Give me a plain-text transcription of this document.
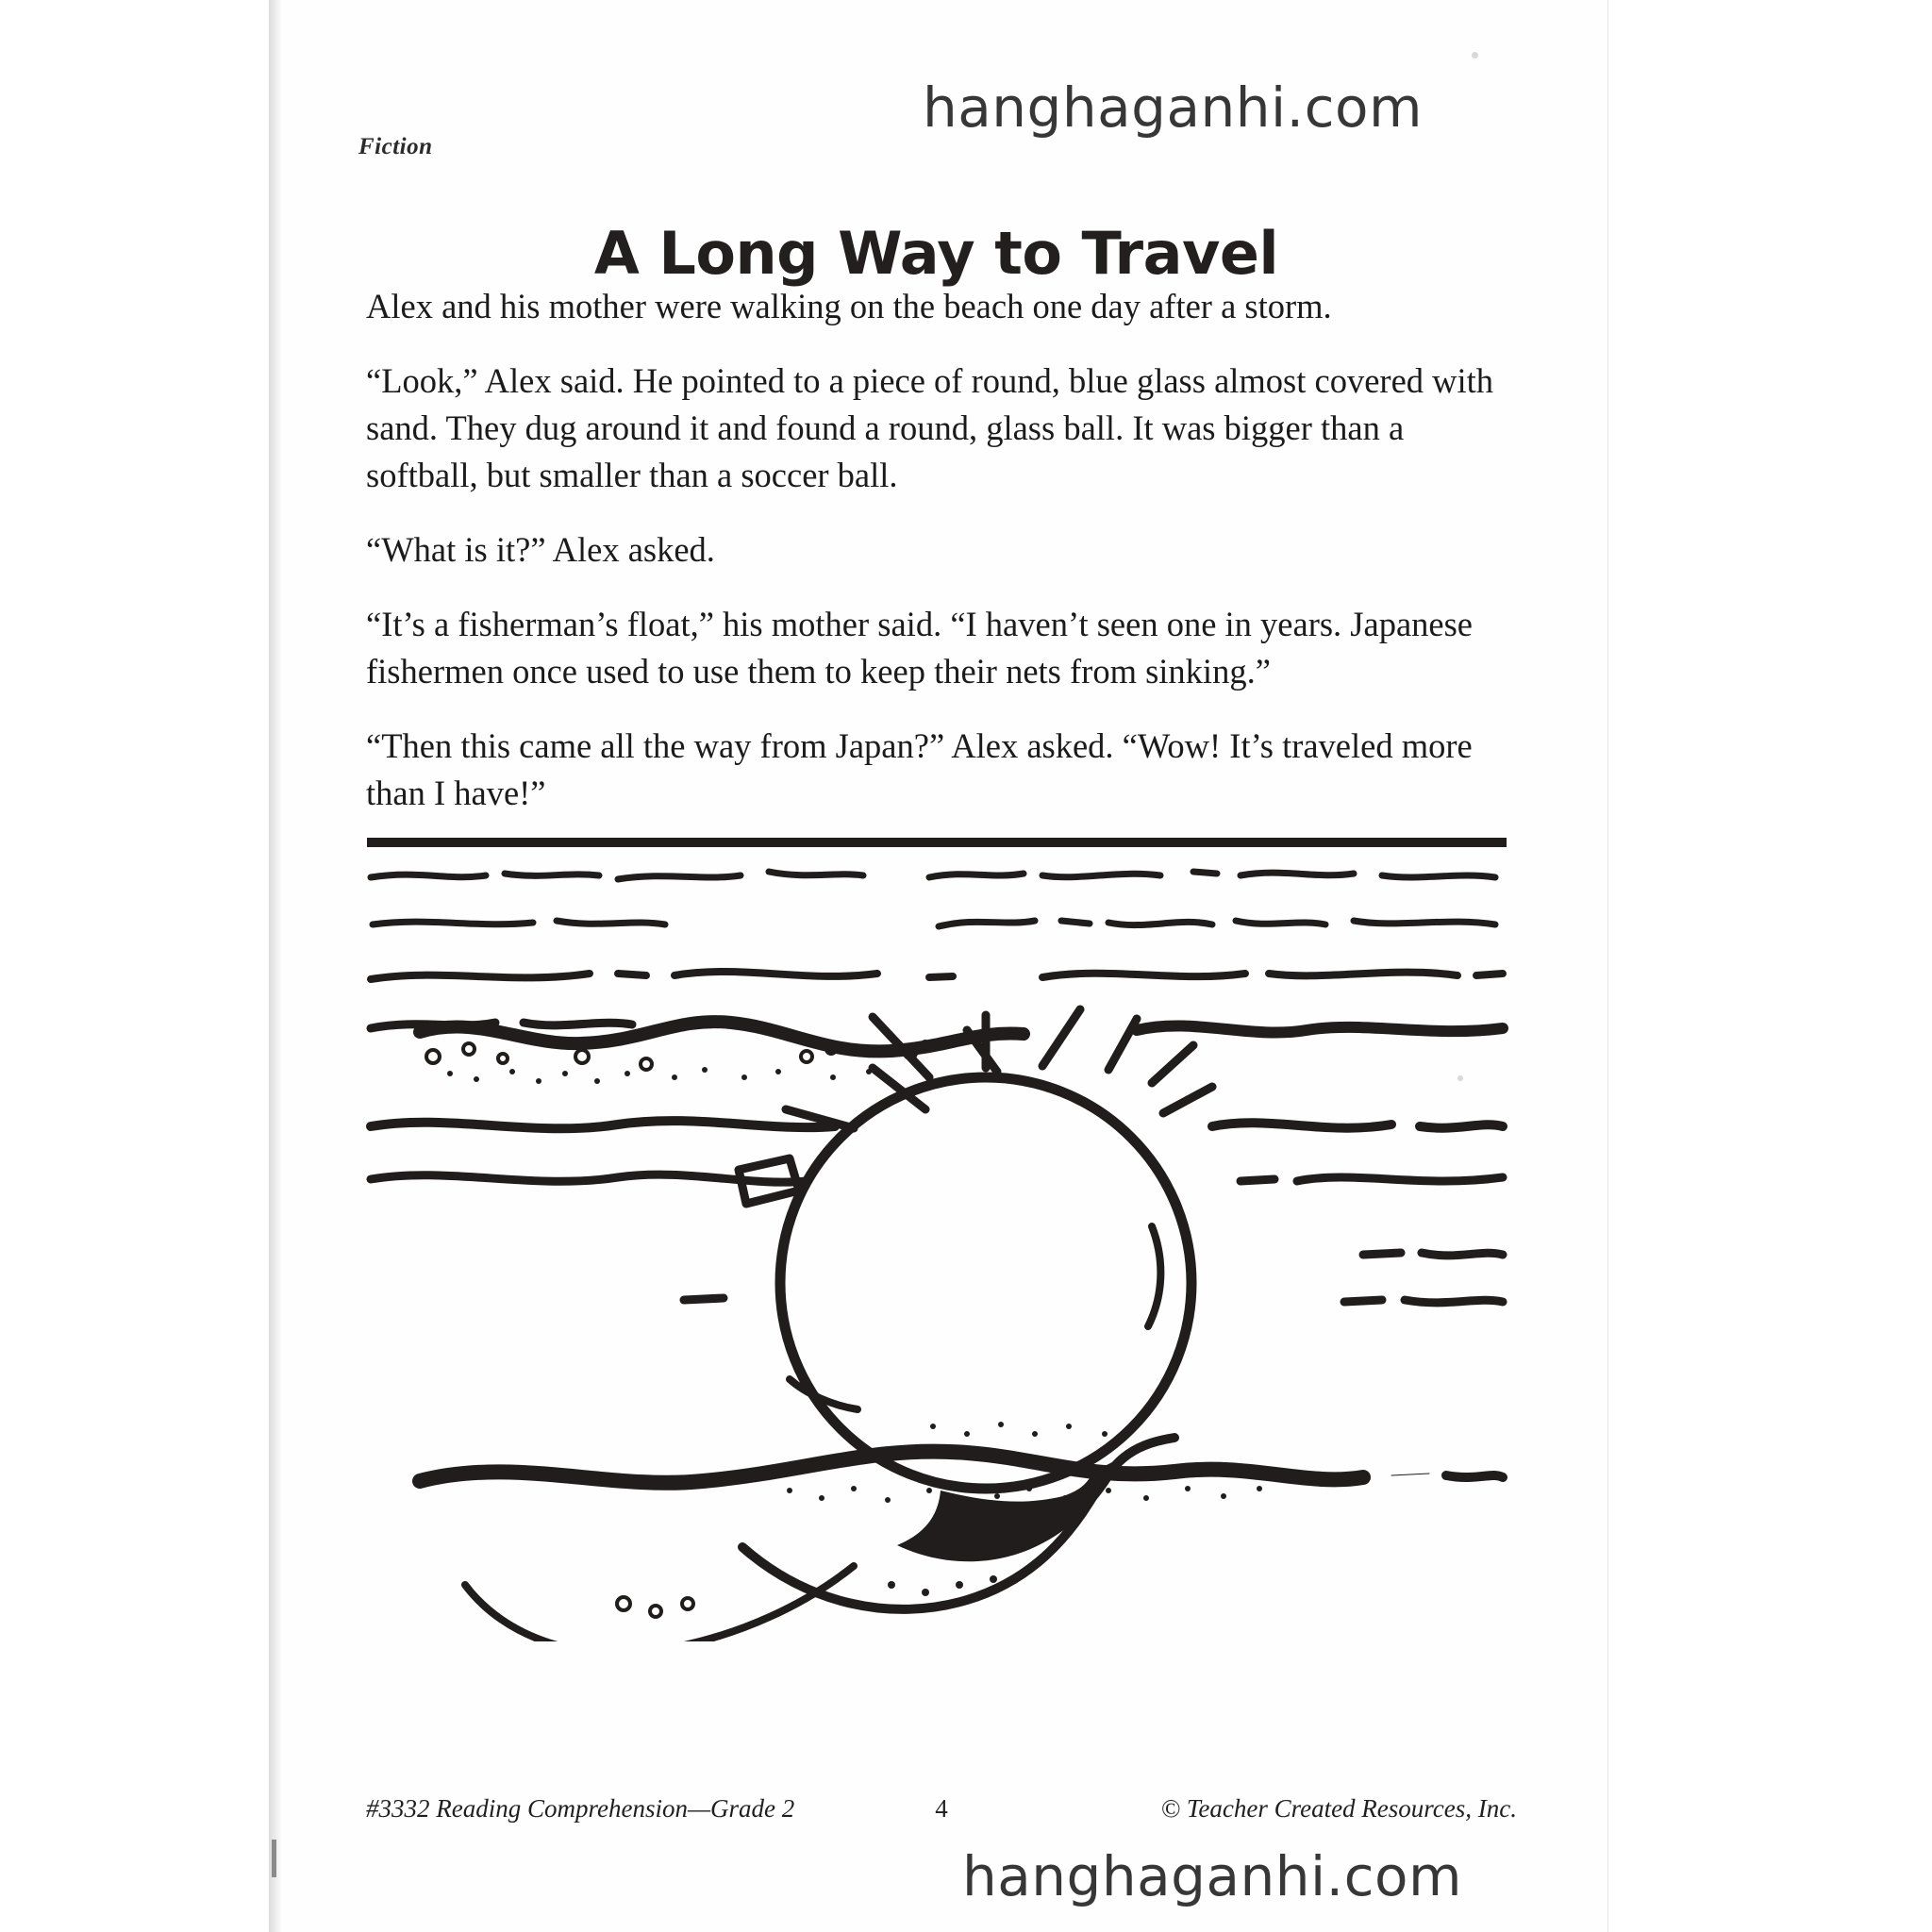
Fiction
hanghaganhi.com
A Long Way to Travel

Alex and his mother were walking on the beach one day after a storm.

“Look,” Alex said. He pointed to a piece of round, blue glass almost covered with sand. They dug around it and found a round, glass ball. It was bigger than a softball, but smaller than a soccer ball.

“What is it?” Alex asked.

“It’s a fisherman’s float,” his mother said. “I haven’t seen one in years. Japanese fishermen once used to use them to keep their nets from sinking.”

“Then this came all the way from Japan?” Alex asked. “Wow! It’s traveled more than I have!”

#3332 Reading Comprehension—Grade 2	4	© Teacher Created Resources, Inc.
hanghaganhi.com
